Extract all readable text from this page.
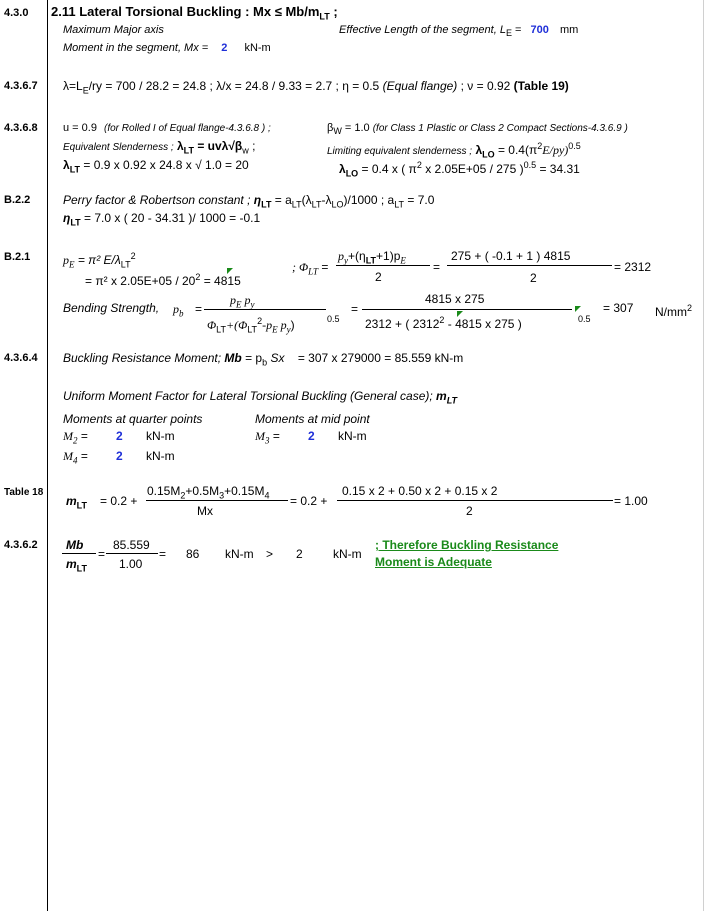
4.3.0
4.3.6.7
4.3.6.8
B.2.2
B.2.1
4.3.6.4
Table 18
4.3.6.2
2.11 Lateral Torsional Buckling : $Mx \le Mb/m_{LT}$ ;
Maximum Major axis
Moment in the segment, Mx = 2 kN-m
Effective Length of the segment, $L_E = 700$ mm
$\lambda=L_E/ry = 700 / 28.2 = 24.8$ ; λ/x = 24.8 / 9.33 = 2.7 ; η = 0.5 (Equal flange) ; ν = 0.92 (Table 19)
u = 0.9 (for Rolled I of Equal flange-4.3.6.8 ) ;	$\beta_W = 1.0$ (for Class 1 Plastic or Class 2 Compact Sections-4.3.6.9 )
Equivalent Slenderness ; $\lambda_{LT} = uv\lambda√\beta_w$ ;	Limiting equivalent slenderness ; $\lambda_{LO} = 0.4(\pi^2E/py)^{0.5}$
$\lambda_{LT} = 0.9$ x 0.92 x 24.8 x √ 1.0 = 20	$\lambda_{LO} = 0.4$ x ( $\pi^2$ x 2.05E+05 / 275 )$^{0.5}$ = 34.31
Perry factor & Robertson constant ; $\eta_{LT} = a_{LT}(\lambda_{LT}-\lambda_{LO})/1000$ ; $a_{LT} = 7.0$
$\eta_{LT} = 7.0$ x ( 20 - 34.31 )/ 1000 = -0.1
$p_E = \pi^2$ $E/\lambda_{LT}^2$
= π² x $2.05E+05 / 20^2 = 4815$
; $\Phi_{LT}$ =
$p_y+(\eta_{LT}+1)p_E$
2
=
275 + ( -0.1 + 1 ) 4815
2
= 2312
Bending Strength, $p_b$ =
$p_E$ $p_y$
$\Phi_{LT}+(\Phi_{LT}^2-p_E$ $p_y$)	0.5
=
4815 x 275
2312 + ( 2312$^2$ - 4815 x 275 )	0.5
= 307 $N/mm^2$
Buckling Resistance Moment; $Mb = p_b$ Sx = 307 x 279000 = 85.559 kN-m
Uniform Moment Factor for Lateral Torsional Buckling (General case); $m_{LT}$
Moments at quarter points	Moments at mid point
$M_2 = 2$ kN-m
$M_4 = 2$ kN-m
$M_3 = 2$ kN-m
$m_{LT} = 0.2$ +
$0.15M_2+0.5M_3+0.15M_4$
Mx
= 0.2 +
0.15 x 2 + 0.50 x 2 + 0.15 x 2
2
= 1.00
Mb
$m_{LT}$
=
85.559
1.00
= 86 kN-m > 2	kN-m
; Therefore Buckling Resistance
Moment is Adequate
